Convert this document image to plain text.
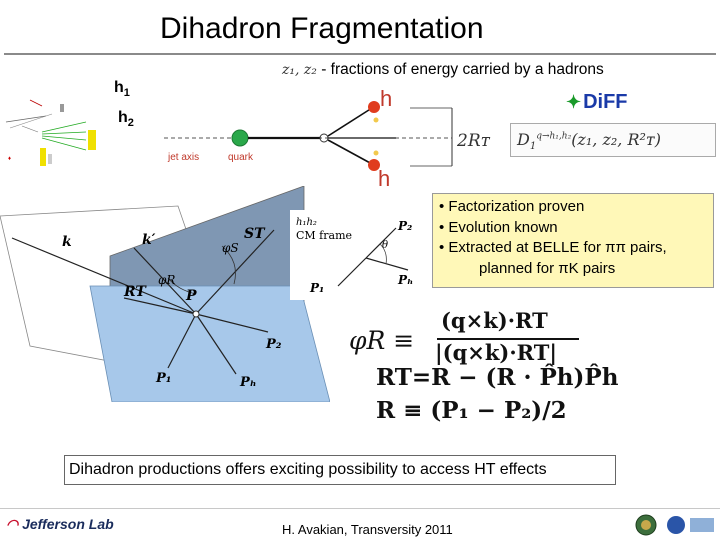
Dihadron Fragmentation
z₁, z₂ - fractions of energy carried by a hadrons
♦
$h_1$
$h_2$
jet axis	quark
h
h
2Rᴛ
✦ DiFF
$D_1^{q\to h_1,h_2}(z_1$, z₂, R²ᴛ)
k	k′
φR
φS
ST
RT	P
P₂
P₁	Pₕ
h₁h₂
CM frame
θ
P₂
P₁
Pₕ
• Factorization proven
• Evolution known
• Extracted at BELLE for ππ pairs,
planned for πK pairs
φR ≡
(q×k)·RT
|(q×k)·RT|
RT=R − (R · P̂h)P̂h
R ≡ (P₁ − P₂)/2
Dihadron productions offers exciting possibility to access HT effects
◠ Jefferson Lab	H. Avakian, Transversity 2011
